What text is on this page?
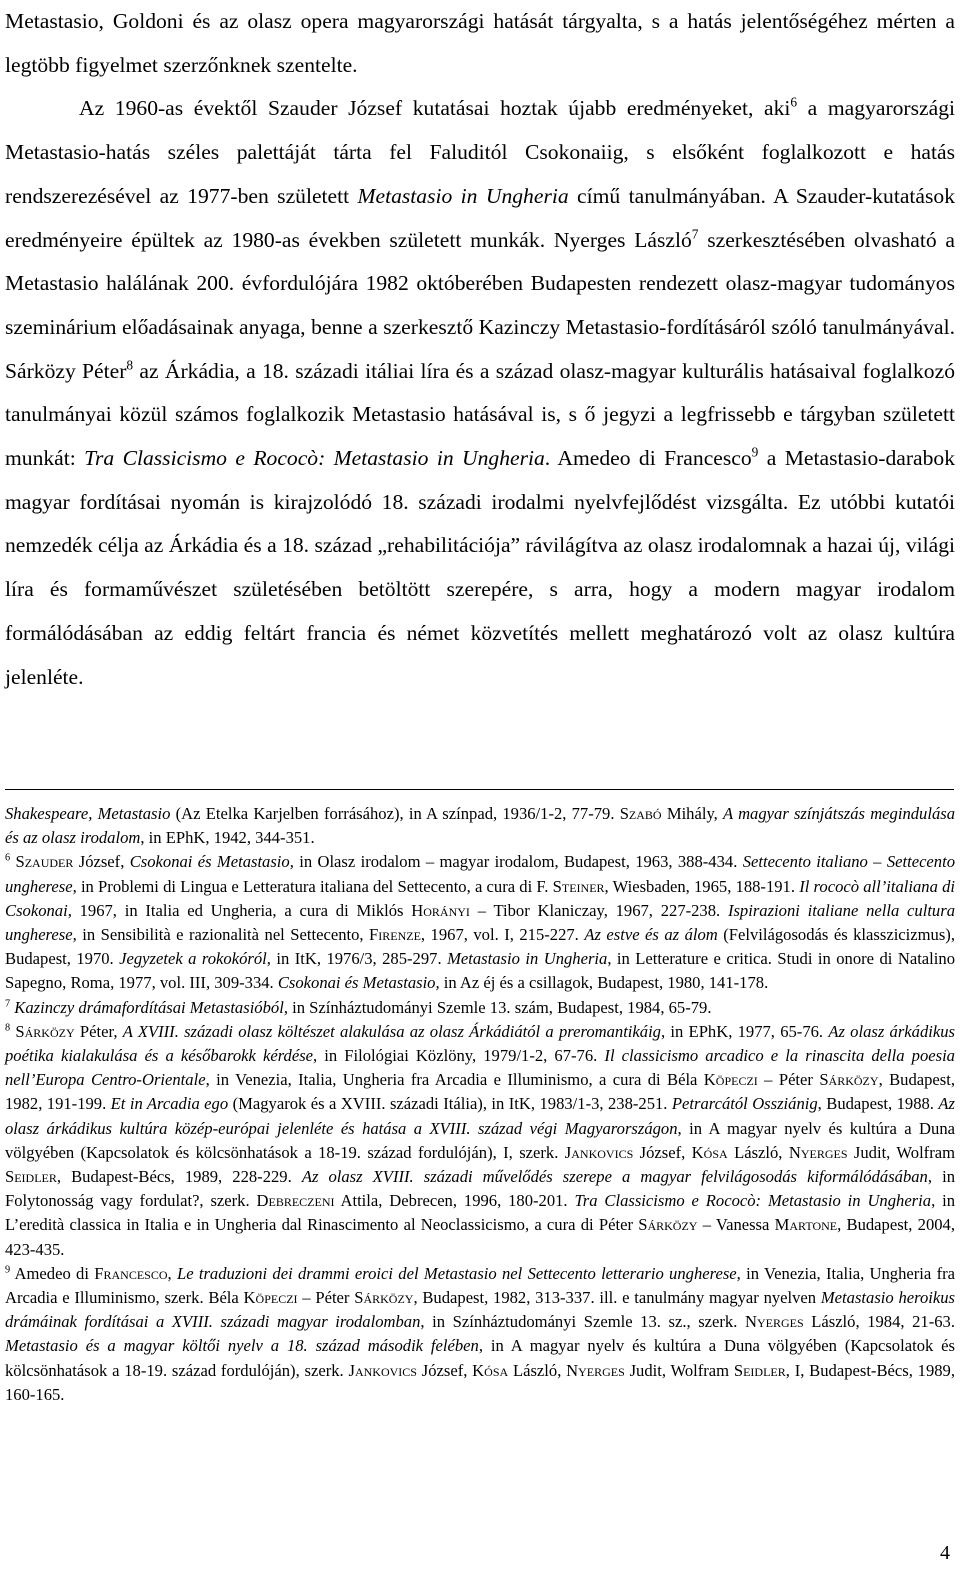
Metastasio, Goldoni és az olasz opera magyarországi hatását tárgyalta, s a hatás jelentőségéhez mérten a legtöbb figyelmet szerzőnknek szentelte.

Az 1960-as évektől Szauder József kutatásai hoztak újabb eredményeket, aki$^6$ a magyarországi Metastasio-hatás széles palettáját tárta fel Faluditól Csokonaiig, s elsőként foglalkozott e hatás rendszerezésével az 1977-ben született Metastasio in Ungheria című tanulmányában. A Szauder-kutatások eredményeire épültek az 1980-as években született munkák. Nyerges László$^7$ szerkesztésében olvasható a Metastasio halálának 200. évfordulójára 1982 októberében Budapesten rendezett olasz-magyar tudományos szeminárium előadásainak anyaga, benne a szerkesztő Kazinczy Metastasio-fordításáról szóló tanulmányával. Sárközy Péter$^8$ az Árkádia, a 18. századi itáliai líra és a század olasz-magyar kulturális hatásaival foglalkozó tanulmányai közül számos foglalkozik Metastasio hatásával is, s ő jegyzi a legfrissebb e tárgyban született munkát: Tra Classicismo e Rococò: Metastasio in Ungheria. Amedeo di Francesco$^9$ a Metastasio-darabok magyar fordításai nyomán is kirajzolódó 18. századi irodalmi nyelvfejlődést vizsgálta. Ez utóbbi kutatói nemzedék célja az Árkádia és a 18. század „rehabilitációja” rávilágítva az olasz irodalomnak a hazai új, világi líra és formaművészet születésében betöltött szerepére, s arra, hogy a modern magyar irodalom formálódásában az eddig feltárt francia és német közvetítés mellett meghatározó volt az olasz kultúra jelenléte.

Shakespeare, Metastasio (Az Etelka Karjelben forrásához), in A színpad, 1936/1-2, 77-79. Szabó Mihály, A magyar színjátszás megindulása és az olasz irodalom, in EPhK, 1942, 344-351.

$^6$ Szauder József, Csokonai és Metastasio, in Olasz irodalom – magyar irodalom, Budapest, 1963, 388-434. Settecento italiano – Settecento ungherese, in Problemi di Lingua e Letteratura italiana del Settecento, a cura di F. Steiner, Wiesbaden, 1965, 188-191. Il rococò all’italiana di Csokonai, 1967, in Italia ed Ungheria, a cura di Miklós Horányi – Tibor Klaniczay, 1967, 227-238. Ispirazioni italiane nella cultura ungherese, in Sensibilità e razionalità nel Settecento, Firenze, 1967, vol. I, 215-227. Az estve és az álom (Felvilágosodás és klasszicizmus), Budapest, 1970. Jegyzetek a rokokóról, in ItK, 1976/3, 285-297. Metastasio in Ungheria, in Letterature e critica. Studi in onore di Natalino Sapegno, Roma, 1977, vol. III, 309-334. Csokonai és Metastasio, in Az éj és a csillagok, Budapest, 1980, 141-178.

$^7$ Kazinczy drámafordításai Metastasióból, in Színháztudományi Szemle 13. szám, Budapest, 1984, 65-79.

$^8$ Sárközy Péter, A XVIII. századi olasz költészet alakulása az olasz Árkádiától a preromantikáig, in EPhK, 1977, 65-76. Az olasz árkádikus poétika kialakulása és a későbarokk kérdése, in Filológiai Közlöny, 1979/1-2, 67-76. Il classicismo arcadico e la rinascita della poesia nell’Europa Centro-Orientale, in Venezia, Italia, Ungheria fra Arcadia e Illuminismo, a cura di Béla Köpeczi – Péter Sárközy, Budapest, 1982, 191-199. Et in Arcadia ego (Magyarok és a XVIII. századi Itália), in ItK, 1983/1-3, 238-251. Petrarcától Ossziánig, Budapest, 1988. Az olasz árkádikus kultúra közép-európai jelenléte és hatása a XVIII. század végi Magyarországon, in A magyar nyelv és kultúra a Duna völgyében (Kapcsolatok és kölcsönhatások a 18-19. század fordulóján), I, szerk. Jankovics József, Kósa László, Nyerges Judit, Wolfram Seidler, Budapest-Bécs, 1989, 228-229. Az olasz XVIII. századi művelődés szerepe a magyar felvilágosodás kiformálódásában, in Folytonosság vagy fordulat?, szerk. Debreczeni Attila, Debrecen, 1996, 180-201. Tra Classicismo e Rococò: Metastasio in Ungheria, in L’eredità classica in Italia e in Ungheria dal Rinascimento al Neoclassicismo, a cura di Péter Sárközy – Vanessa Martone, Budapest, 2004, 423-435.

$^9$ Amedeo di Francesco, Le traduzioni dei drammi eroici del Metastasio nel Settecento letterario ungherese, in Venezia, Italia, Ungheria fra Arcadia e Illuminismo, szerk. Béla Köpeczi – Péter Sárközy, Budapest, 1982, 313-337. ill. e tanulmány magyar nyelven Metastasio heroikus drámáinak fordításai a XVIII. századi magyar irodalomban, in Színháztudományi Szemle 13. sz., szerk. Nyerges László, 1984, 21-63. Metastasio és a magyar költői nyelv a 18. század második felében, in A magyar nyelv és kultúra a Duna völgyében (Kapcsolatok és kölcsönhatások a 18-19. század fordulóján), szerk. Jankovics József, Kósa László, Nyerges Judit, Wolfram Seidler, I, Budapest-Bécs, 1989, 160-165.

4
